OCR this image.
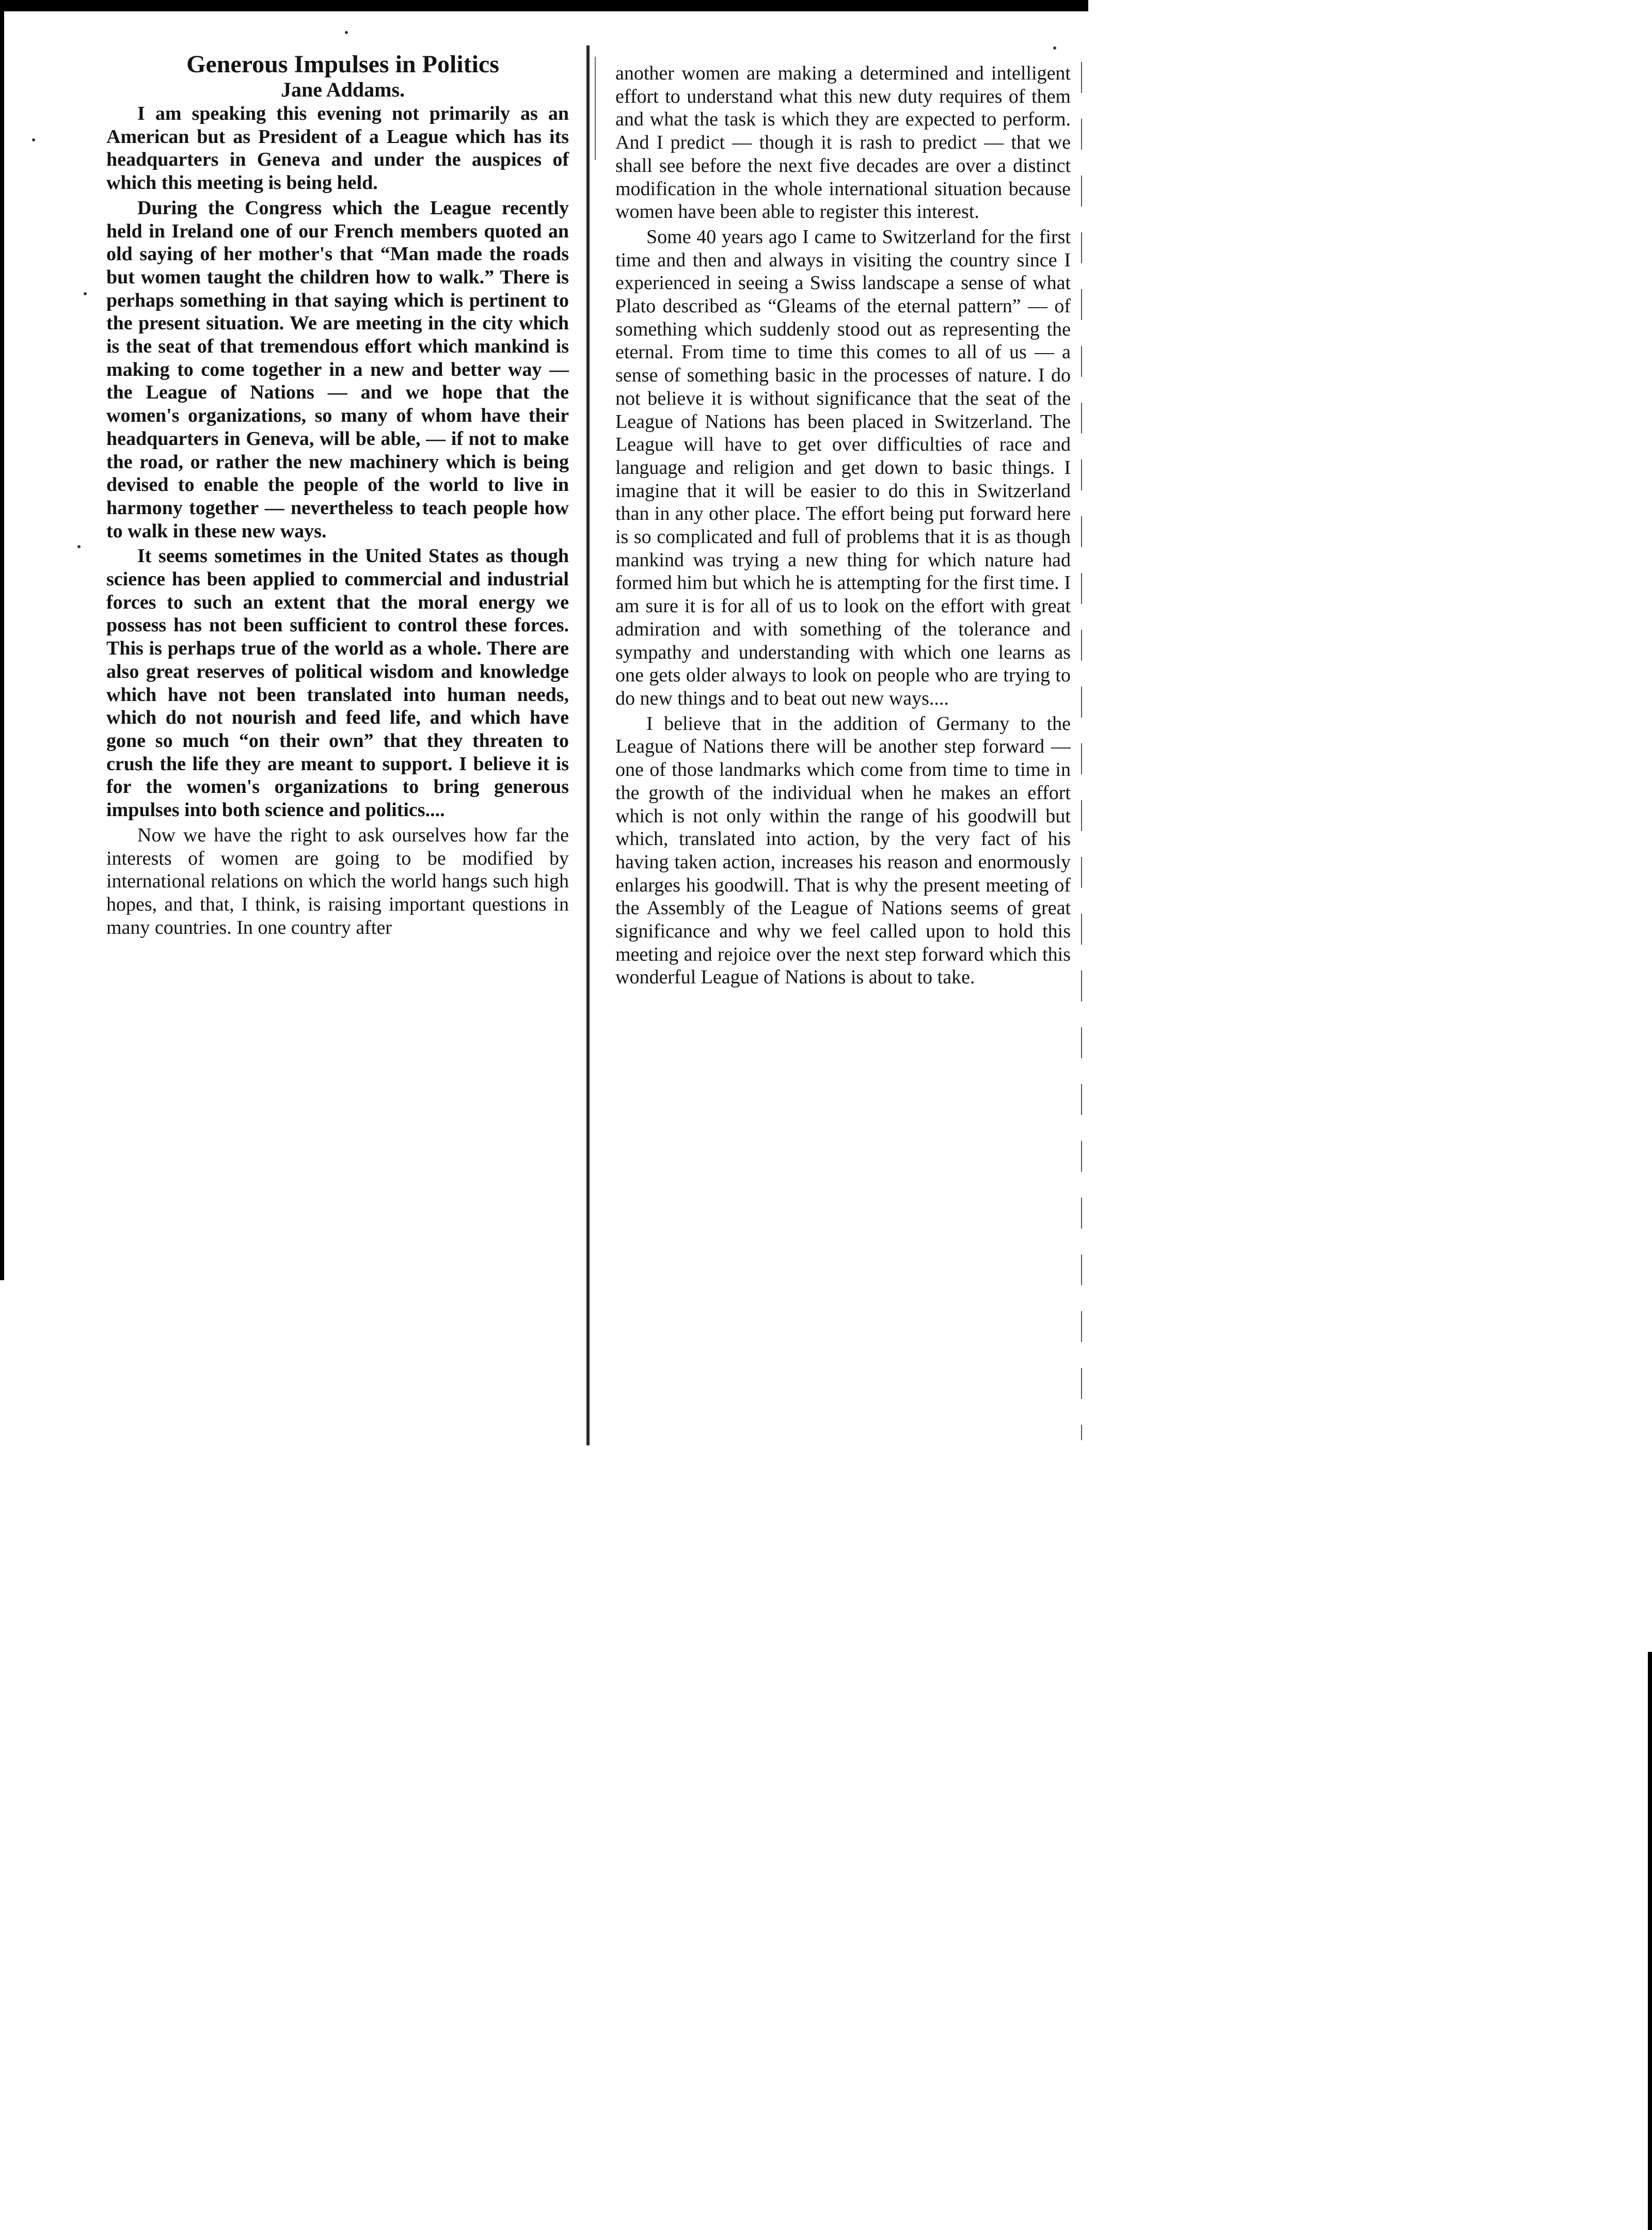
Generous Impulses in Politics
Jane Addams.

I am speaking this evening not primarily as an American but as President of a League which has its headquarters in Geneva and under the auspices of which this meeting is being held.

During the Congress which the League recently held in Ireland one of our French members quoted an old saying of her mother's that “Man made the roads but women taught the children how to walk.” There is perhaps something in that saying which is pertinent to the present situation. We are meeting in the city which is the seat of that tremendous effort which mankind is making to come together in a new and better way — the League of Nations — and we hope that the women's organizations, so many of whom have their headquarters in Geneva, will be able, — if not to make the road, or rather the new machinery which is being devised to enable the people of the world to live in harmony together — nevertheless to teach people how to walk in these new ways.

It seems sometimes in the United States as though science has been applied to commercial and industrial forces to such an extent that the moral energy we possess has not been sufficient to control these forces. This is perhaps true of the world as a whole. There are also great reserves of political wisdom and knowledge which have not been translated into human needs, which do not nourish and feed life, and which have gone so much “on their own” that they threaten to crush the life they are meant to support. I believe it is for the women's organizations to bring generous impulses into both science and politics....

Now we have the right to ask ourselves how far the interests of women are going to be modified by international relations on which the world hangs such high hopes, and that, I think, is raising important questions in many countries. In one country after

another women are making a determined and intelligent effort to understand what this new duty requires of them and what the task is which they are expected to perform. And I predict — though it is rash to predict — that we shall see before the next five decades are over a distinct modification in the whole international situation because women have been able to register this interest.

Some 40 years ago I came to Switzerland for the first time and then and always in visiting the country since I experienced in seeing a Swiss landscape a sense of what Plato described as “Gleams of the eternal pattern” — of something which suddenly stood out as representing the eternal. From time to time this comes to all of us — a sense of something basic in the processes of nature. I do not believe it is without significance that the seat of the League of Nations has been placed in Switzerland. The League will have to get over difficulties of race and language and religion and get down to basic things. I imagine that it will be easier to do this in Switzerland than in any other place. The effort being put forward here is so complicated and full of problems that it is as though mankind was trying a new thing for which nature had formed him but which he is attempting for the first time. I am sure it is for all of us to look on the effort with great admiration and with something of the tolerance and sympathy and understanding with which one learns as one gets older always to look on people who are trying to do new things and to beat out new ways....

I believe that in the addition of Germany to the League of Nations there will be another step forward — one of those landmarks which come from time to time in the growth of the individual when he makes an effort which is not only within the range of his goodwill but which, translated into action, by the very fact of his having taken action, increases his reason and enormously enlarges his goodwill. That is why the present meeting of the Assembly of the League of Nations seems of great significance and why we feel called upon to hold this meeting and rejoice over the next step forward which this wonderful League of Nations is about to take.
